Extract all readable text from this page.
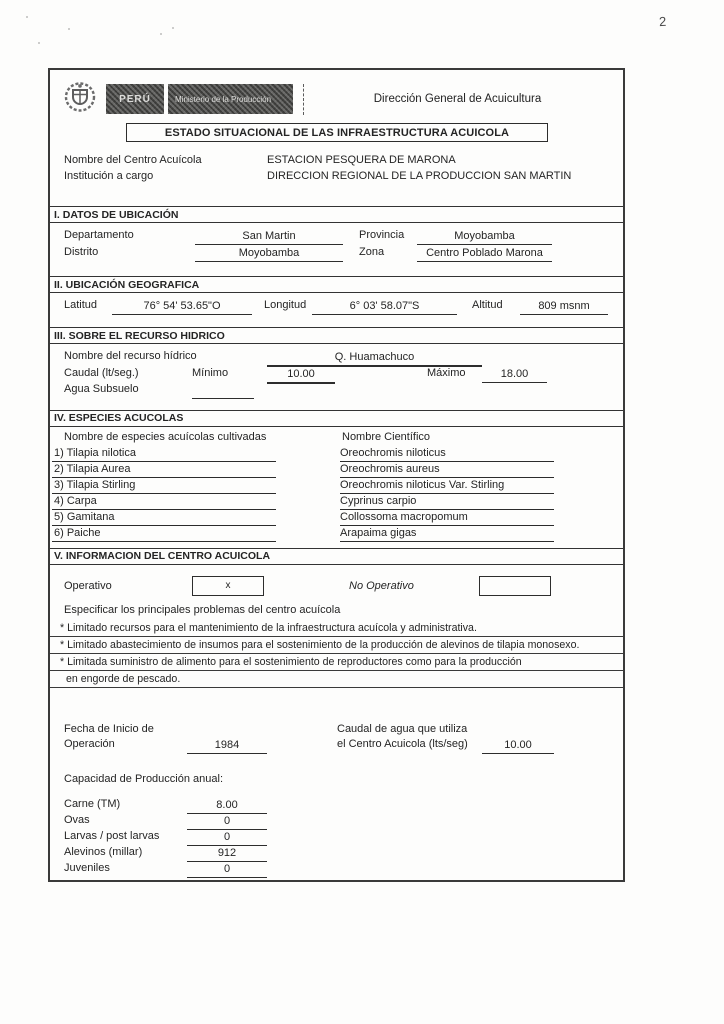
2
PERÚ	Ministerio de la Producción	Dirección General de Acuicultura
ESTADO SITUACIONAL DE LAS INFRAESTRUCTURA ACUICOLA
Nombre del Centro Acuícola	ESTACION PESQUERA DE MARONA
Institución a cargo	DIRECCION REGIONAL DE LA PRODUCCION SAN MARTIN
I. DATOS DE UBICACIÓN
Departamento	San Martin	Provincia	Moyobamba
Distrito	Moyobamba	Zona	Centro Poblado Marona
II. UBICACIÓN GEOGRAFICA
Latitud	76° 54' 53.65"O	Longitud	6° 03' 58.07"S	Altitud	809 msnm
III. SOBRE EL RECURSO HIDRICO
Nombre del recurso hídrico	Q. Huamachuco
Caudal (lt/seg.)	Mínimo	10.00	Máximo	18.00
Agua Subsuelo
IV. ESPECIES ACUCOLAS
Nombre de especies acuícolas cultivadas	Nombre Científico
1) Tilapia nilotica	Oreochromis niloticus
2) Tilapia Aurea	Oreochromis aureus
3) Tilapia Stirling	Oreochromis niloticus Var. Stirling
4) Carpa	Cyprinus carpio
5) Gamitana	Collossoma macropomum
6) Paiche	Arapaima gigas
V. INFORMACION DEL CENTRO ACUICOLA
Operativo	x	No Operativo
Especificar los principales problemas del centro acuícola
* Limitado recursos para el mantenimiento de la infraestructura acuícola y administrativa.
* Limitado abastecimiento de insumos para el sostenimiento de la producción de alevinos de tilapia monosexo.
* Limitada suministro de alimento para el sostenimiento de reproductores como para la producción
en engorde de pescado.
Fecha de Inicio de
Operación	1984
Caudal de agua que utiliza
el Centro Acuicola (lts/seg)	10.00
Capacidad de Producción anual:
Carne (TM)	8.00
Ovas	0
Larvas / post larvas	0
Alevinos (millar)	912
Juveniles	0
